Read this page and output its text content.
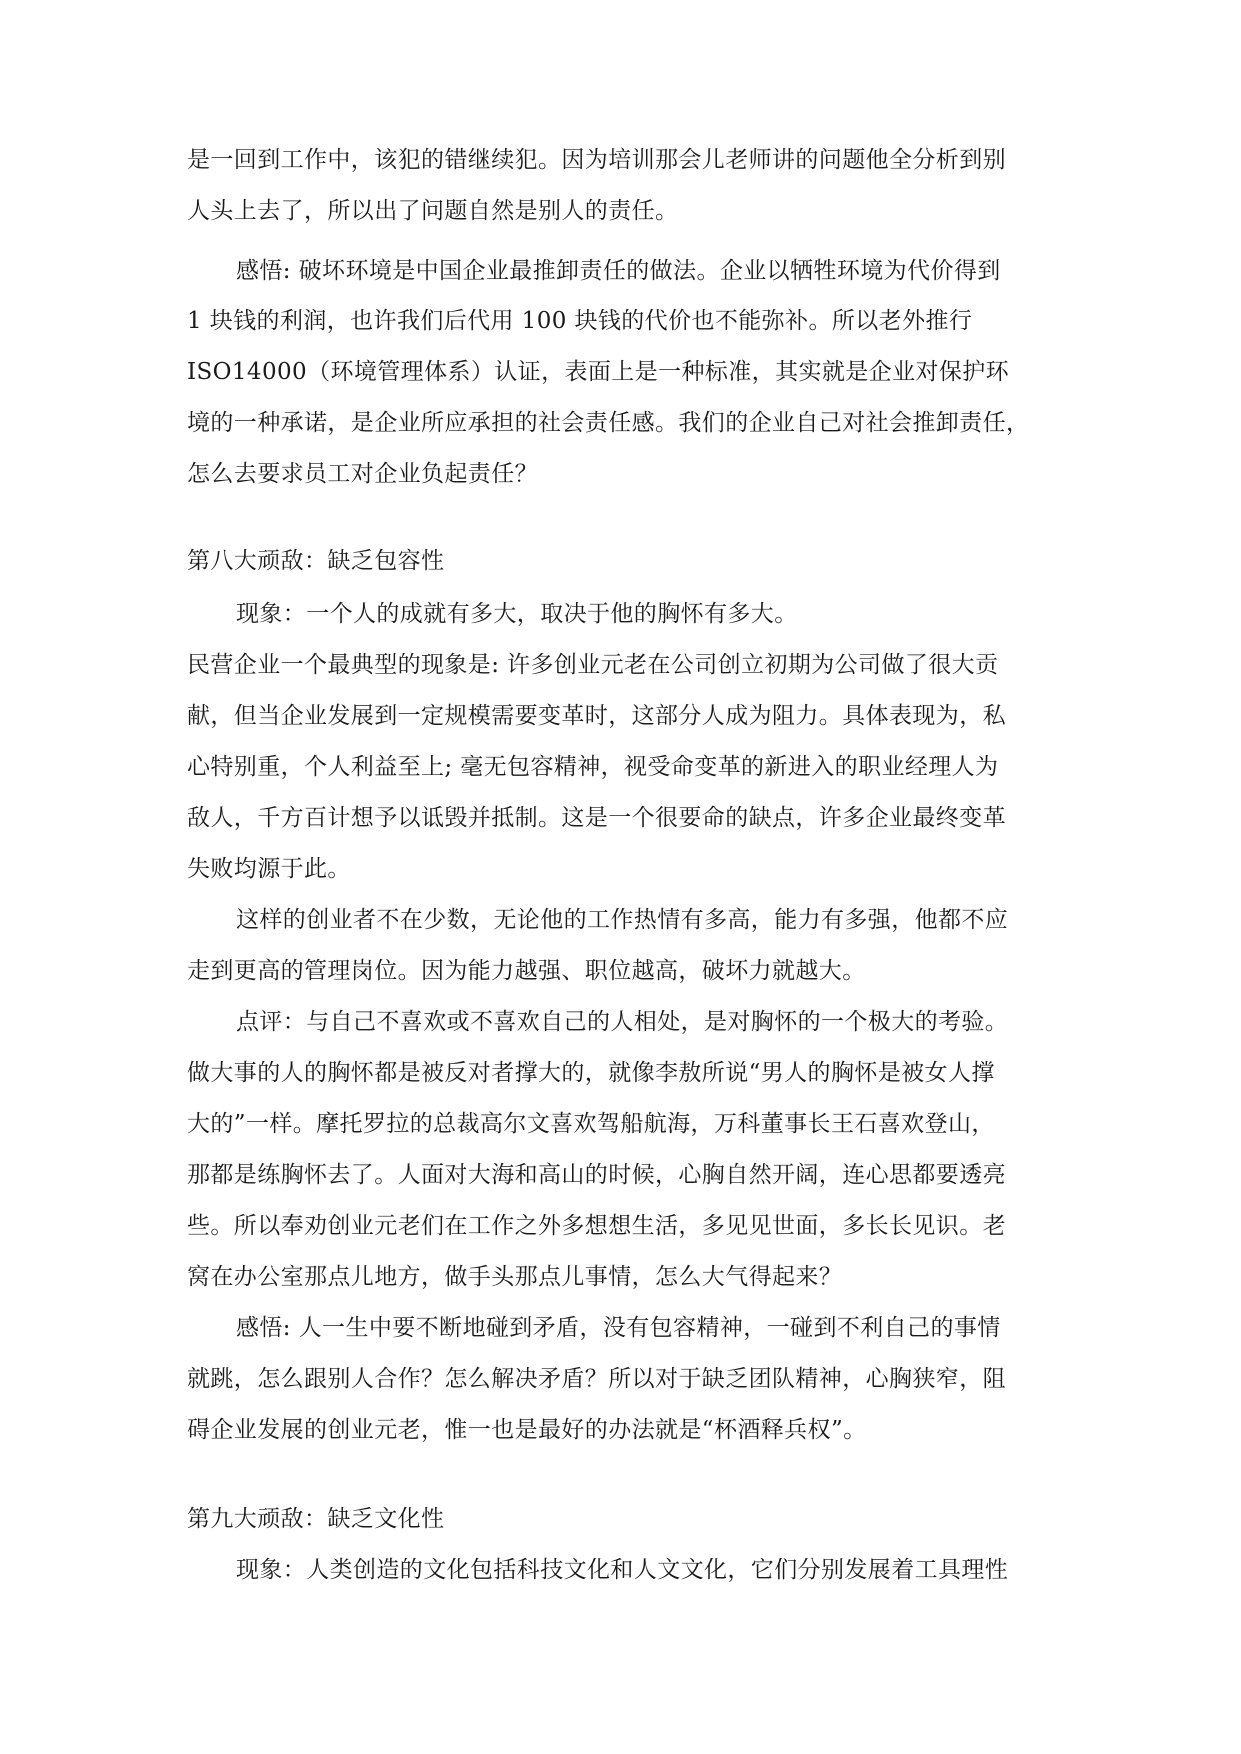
是一回到工作中，该犯的错继续犯。因为培训那会儿老师讲的问题他全分析到别
人头上去了，所以出了问题自然是别人的责任。
感悟: 破坏环境是中国企业最推卸责任的做法。企业以牺牲环境为代价得到
1 块钱的利润，也许我们后代用 100 块钱的代价也不能弥补。所以老外推行
ISO14000（环境管理体系）认证，表面上是一种标准，其实就是企业对保护环
境的一种承诺，是企业所应承担的社会责任感。我们的企业自己对社会推卸责任，
怎么去要求员工对企业负起责任？
第八大顽敌：缺乏包容性
现象：一个人的成就有多大，取决于他的胸怀有多大。
民营企业一个最典型的现象是: 许多创业元老在公司创立初期为公司做了很大贡
献，但当企业发展到一定规模需要变革时，这部分人成为阻力。具体表现为，私
心特别重，个人利益至上; 毫无包容精神，视受命变革的新进入的职业经理人为
敌人，千方百计想予以诋毁并抵制。这是一个很要命的缺点，许多企业最终变革
失败均源于此。
这样的创业者不在少数，无论他的工作热情有多高，能力有多强，他都不应
走到更高的管理岗位。因为能力越强、职位越高，破坏力就越大。
点评：与自己不喜欢或不喜欢自己的人相处，是对胸怀的一个极大的考验。
做大事的人的胸怀都是被反对者撑大的，就像李敖所说“男人的胸怀是被女人撑
大的”一样。摩托罗拉的总裁高尔文喜欢驾船航海，万科董事长王石喜欢登山，
那都是练胸怀去了。人面对大海和高山的时候，心胸自然开阔，连心思都要透亮
些。所以奉劝创业元老们在工作之外多想想生活，多见见世面，多长长见识。老
窝在办公室那点儿地方，做手头那点儿事情，怎么大气得起来？
感悟: 人一生中要不断地碰到矛盾，没有包容精神，一碰到不利自己的事情
就跳，怎么跟别人合作？怎么解决矛盾？所以对于缺乏团队精神，心胸狭窄，阻
碍企业发展的创业元老，惟一也是最好的办法就是“杯酒释兵权”。
第九大顽敌：缺乏文化性
现象：人类创造的文化包括科技文化和人文文化，它们分别发展着工具理性
